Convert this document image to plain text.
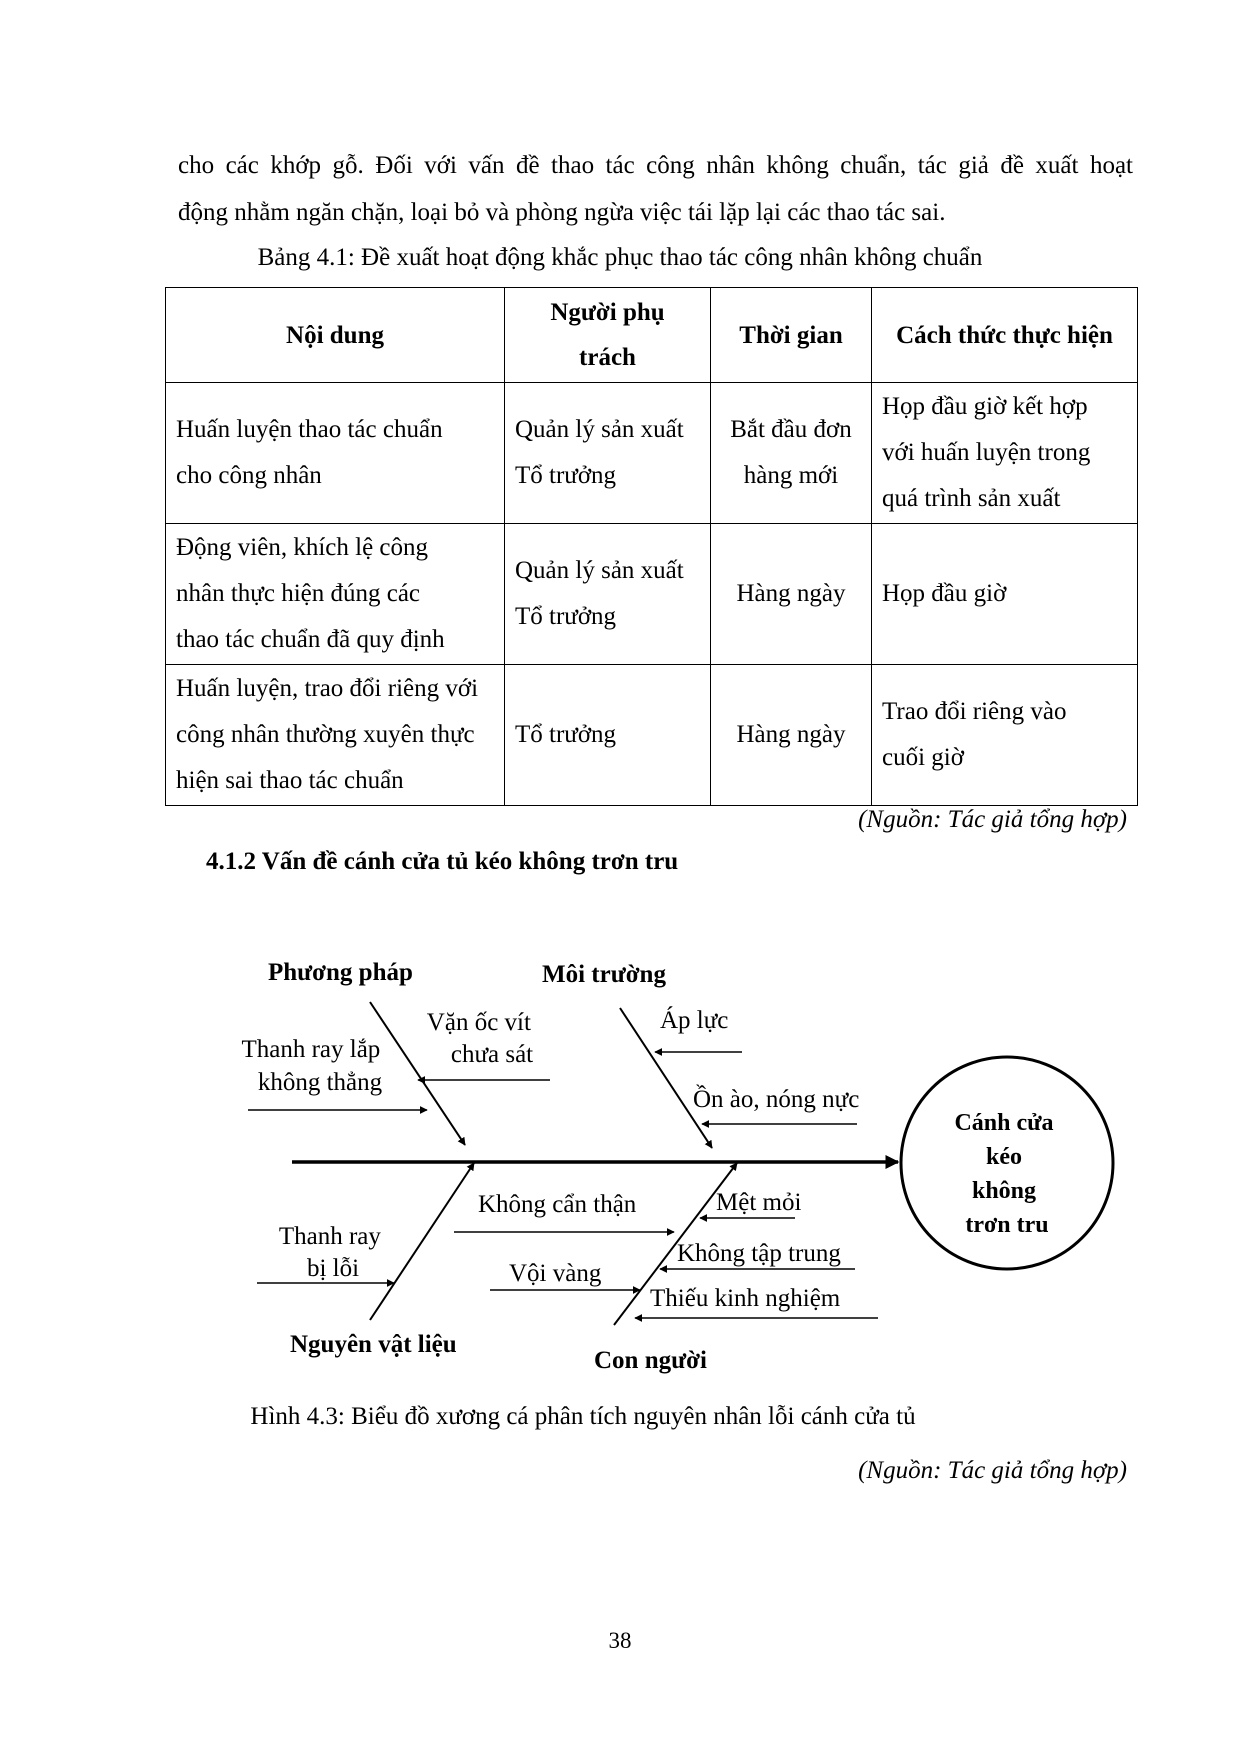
cho các khớp gỗ. Đối với vấn đề thao tác công nhân không chuẩn, tác giả đề xuất hoạt
động nhằm ngăn chặn, loại bỏ và phòng ngừa việc tái lặp lại các thao tác sai.

Bảng 4.1: Đề xuất hoạt động khắc phục thao tác công nhân không chuẩn

Nội dung	Người phụ trách	Thời gian	Cách thức thực hiện

Huấn luyện thao tác chuẩn cho công nhân	Quản lý sản xuất Tổ trưởng	Bắt đầu đơn hàng mới	Họp đầu giờ kết hợp với huấn luyện trong quá trình sản xuất

Động viên, khích lệ công nhân thực hiện đúng các thao tác chuẩn đã quy định	Quản lý sản xuất Tổ trưởng	Hàng ngày	Họp đầu giờ

Huấn luyện, trao đổi riêng với công nhân thường xuyên thực hiện sai thao tác chuẩn	Tổ trưởng	Hàng ngày	Trao đổi riêng vào cuối giờ

(Nguồn: Tác giả tổng hợp)

4.1.2 Vấn đề cánh cửa tủ kéo không trơn tru

Cánh cửa kéo không trơn tru
Phương pháp	Môi trường
Nguyên vật liệu
Con người
Vặn ốc vít chưa sát
Thanh ray lắp không thẳng
Áp lực
Ồn ào, nóng nực
Thanh ray bị lỗi
Không cẩn thận	Mệt mỏi
Không tập trung
Vội vàng
Thiếu kinh nghiệm

Hình 4.3: Biểu đồ xương cá phân tích nguyên nhân lỗi cánh cửa tủ

(Nguồn: Tác giả tổng hợp)

38
